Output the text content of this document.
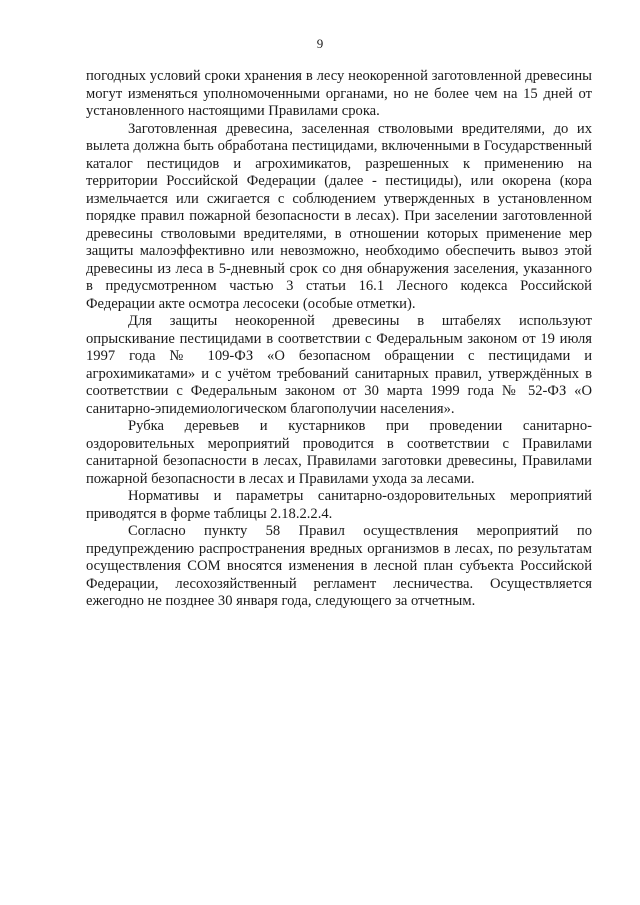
9

погодных условий сроки хранения в лесу неокоренной заготовленной древесины могут изменяться уполномоченными органами, но не более чем на 15 дней от установленного настоящими Правилами срока.

Заготовленная древесина, заселенная стволовыми вредителями, до их вылета должна быть обработана пестицидами, включенными в Государственный каталог пестицидов и агрохимикатов, разрешенных к применению на территории Российской Федерации (далее - пестициды), или окорена (кора измельчается или сжигается с соблюдением утвержденных в установленном порядке правил пожарной безопасности в лесах). При заселении заготовленной древесины стволовыми вредителями, в отношении которых применение мер защиты малоэффективно или невозможно, необходимо обеспечить вывоз этой древесины из леса в 5-дневный срок со дня обнаружения заселения, указанного в предусмотренном частью 3 статьи 16.1 Лесного кодекса Российской Федерации акте осмотра лесосеки (особые отметки).

Для защиты неокоренной древесины в штабелях используют опрыскивание пестицидами в соответствии с Федеральным законом от 19 июля 1997 года № 109-ФЗ «О безопасном обращении с пестицидами и агрохимикатами» и с учётом требований санитарных правил, утверждённых в соответствии с Федеральным законом от 30 марта 1999 года № 52-ФЗ «О санитарно-эпидемиологическом благополучии населения».

Рубка деревьев и кустарников при проведении санитарно-оздоровительных мероприятий проводится в соответствии с Правилами санитарной безопасности в лесах, Правилами заготовки древесины, Правилами пожарной безопасности в лесах и Правилами ухода за лесами.

Нормативы и параметры санитарно-оздоровительных мероприятий приводятся в форме таблицы 2.18.2.2.4.

Согласно пункту 58 Правил осуществления мероприятий по предупреждению распространения вредных организмов в лесах, по результатам осуществления СОМ вносятся изменения в лесной план субъекта Российской Федерации, лесохозяйственный регламент лесничества. Осуществляется ежегодно не позднее 30 января года, следующего за отчетным.
